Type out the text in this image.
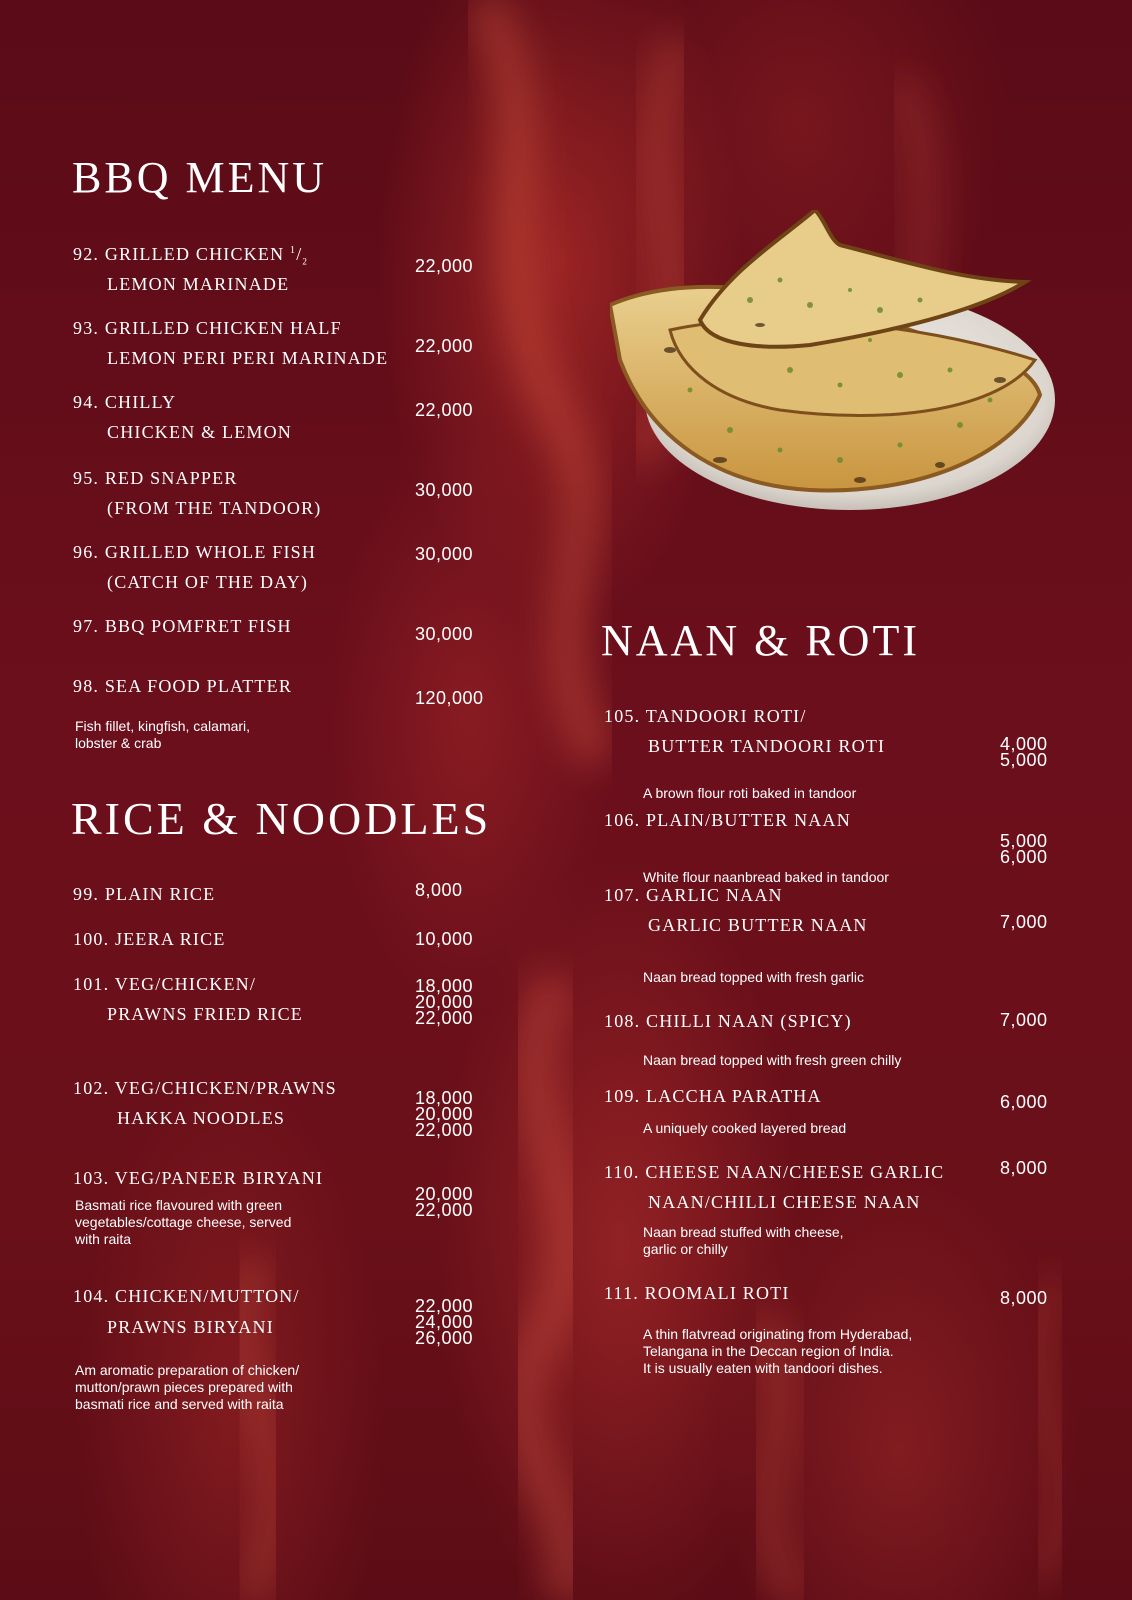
BBQ MENU
RICE & NOODLES
NAAN & ROTI
92. GRILLED CHICKEN $^1/_2$
LEMON MARINADE
22,000
93. GRILLED CHICKEN HALF
LEMON PERI PERI MARINADE
22,000
94. CHILLY
CHICKEN & LEMON
22,000
95. RED SNAPPER
(FROM THE TANDOOR)
30,000
96. GRILLED WHOLE FISH
(CATCH OF THE DAY)
30,000
97. BBQ POMFRET FISH	30,000
98. SEA FOOD PLATTER
120,000
Fish fillet, kingfish, calamari,
lobster & crab
99. PLAIN RICE	8,000
100. JEERA RICE	10,000
101. VEG/CHICKEN/
PRAWNS FRIED RICE
18,000
20,000
22,000
102. VEG/CHICKEN/PRAWNS
HAKKA NOODLES
18,000
20,000
22,000
103. VEG/PANEER BIRYANI
20,000
22,000
Basmati rice flavoured with green
vegetables/cottage cheese, served
with raita
104. CHICKEN/MUTTON/
PRAWNS BIRYANI
22,000
24,000
26,000
Am aromatic preparation of chicken/
mutton/prawn pieces prepared with
basmati rice and served with raita
105. TANDOORI ROTI/
BUTTER TANDOORI ROTI	4,000
5,000
A brown flour roti baked in tandoor
106. PLAIN/BUTTER NAAN
5,000
6,000
White flour naanbread baked in tandoor
107. GARLIC NAAN
GARLIC BUTTER NAAN	7,000
Naan bread topped with fresh garlic
108. CHILLI NAAN (SPICY)	7,000
Naan bread topped with fresh green chilly
109. LACCHA PARATHA	6,000
A uniquely cooked layered bread
110. CHEESE NAAN/CHEESE GARLIC
NAAN/CHILLI CHEESE NAAN
8,000
Naan bread stuffed with cheese,
garlic or chilly
111. ROOMALI ROTI	8,000
A thin flatvread originating from Hyderabad,
Telangana in the Deccan region of India.
It is usually eaten with tandoori dishes.
